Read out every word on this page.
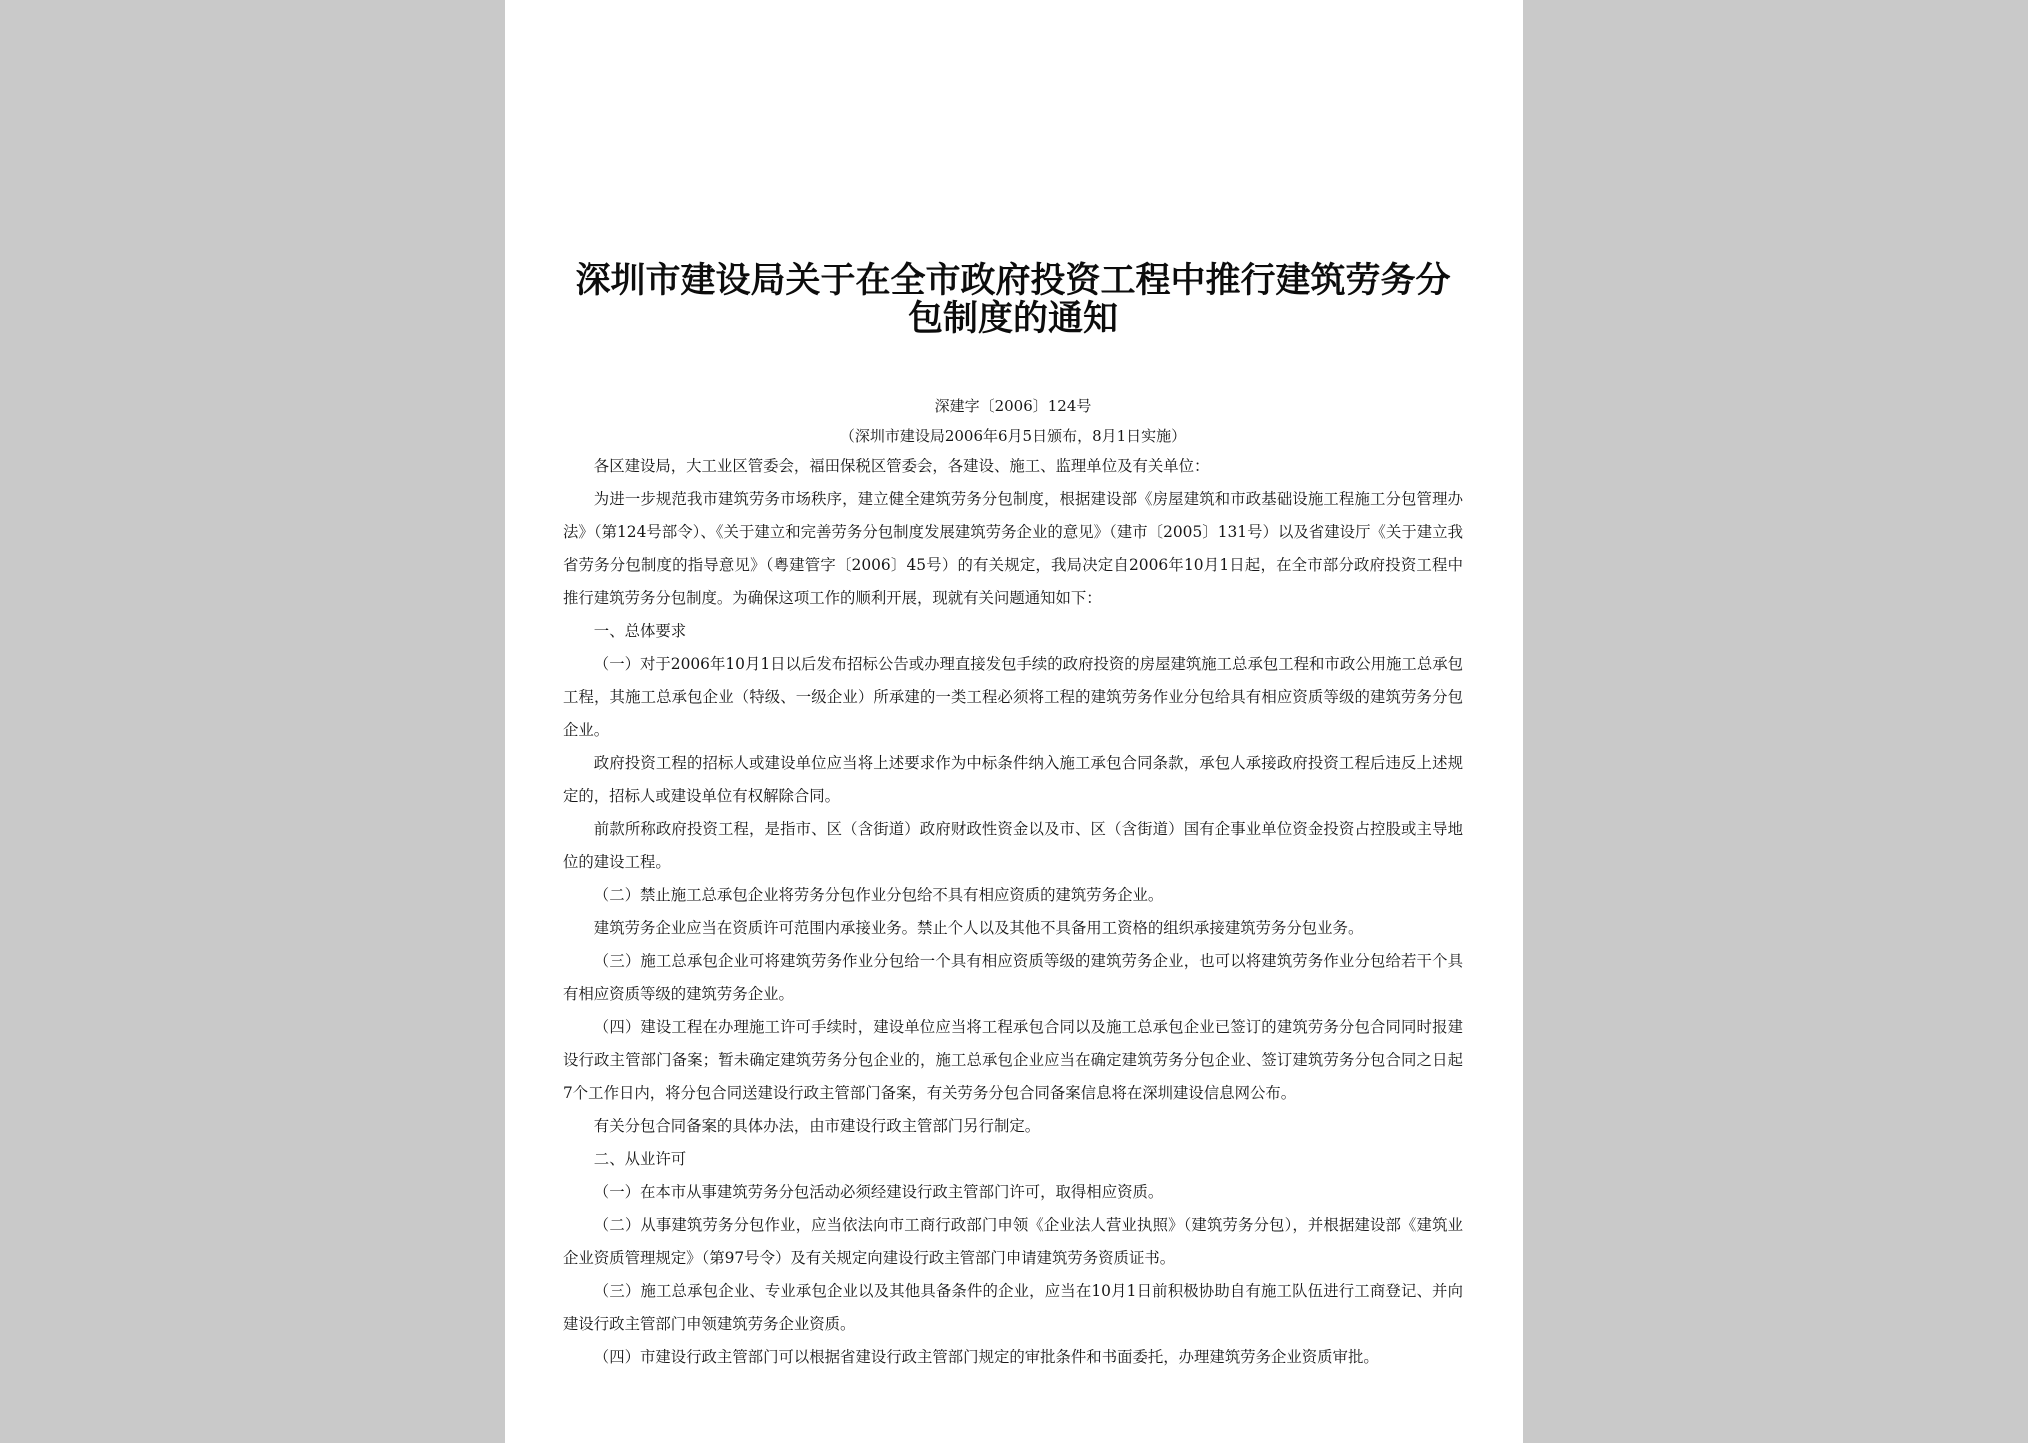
深圳市建设局关于在全市政府投资工程中推行建筑劳务分包制度的通知

深建字〔2006〕124号

（深圳市建设局2006年6月5日颁布，8月1日实施）

各区建设局，大工业区管委会，福田保税区管委会，各建设、施工、监理单位及有关单位：

为进一步规范我市建筑劳务市场秩序，建立健全建筑劳务分包制度，根据建设部《房屋建筑和市政基础设施工程施工分包管理办法》（第124号部令）、《关于建立和完善劳务分包制度发展建筑劳务企业的意见》（建市〔2005〕131号）以及省建设厅《关于建立我省劳务分包制度的指导意见》（粤建管字〔2006〕45号）的有关规定，我局决定自2006年10月1日起，在全市部分政府投资工程中推行建筑劳务分包制度。为确保这项工作的顺利开展，现就有关问题通知如下：

一、总体要求

（一）对于2006年10月1日以后发布招标公告或办理直接发包手续的政府投资的房屋建筑施工总承包工程和市政公用施工总承包工程，其施工总承包企业（特级、一级企业）所承建的一类工程必须将工程的建筑劳务作业分包给具有相应资质等级的建筑劳务分包企业。

政府投资工程的招标人或建设单位应当将上述要求作为中标条件纳入施工承包合同条款，承包人承接政府投资工程后违反上述规定的，招标人或建设单位有权解除合同。

前款所称政府投资工程，是指市、区（含街道）政府财政性资金以及市、区（含街道）国有企事业单位资金投资占控股或主导地位的建设工程。

（二）禁止施工总承包企业将劳务分包作业分包给不具有相应资质的建筑劳务企业。

建筑劳务企业应当在资质许可范围内承接业务。禁止个人以及其他不具备用工资格的组织承接建筑劳务分包业务。

（三）施工总承包企业可将建筑劳务作业分包给一个具有相应资质等级的建筑劳务企业，也可以将建筑劳务作业分包给若干个具有相应资质等级的建筑劳务企业。

（四）建设工程在办理施工许可手续时，建设单位应当将工程承包合同以及施工总承包企业已签订的建筑劳务分包合同同时报建设行政主管部门备案；暂未确定建筑劳务分包企业的，施工总承包企业应当在确定建筑劳务分包企业、签订建筑劳务分包合同之日起7个工作日内，将分包合同送建设行政主管部门备案，有关劳务分包合同备案信息将在深圳建设信息网公布。

有关分包合同备案的具体办法，由市建设行政主管部门另行制定。

二、从业许可

（一）在本市从事建筑劳务分包活动必须经建设行政主管部门许可，取得相应资质。

（二）从事建筑劳务分包作业，应当依法向市工商行政部门申领《企业法人营业执照》（建筑劳务分包），并根据建设部《建筑业企业资质管理规定》（第97号令）及有关规定向建设行政主管部门申请建筑劳务资质证书。

（三）施工总承包企业、专业承包企业以及其他具备条件的企业，应当在10月1日前积极协助自有施工队伍进行工商登记、并向建设行政主管部门申领建筑劳务企业资质。

（四）市建设行政主管部门可以根据省建设行政主管部门规定的审批条件和书面委托，办理建筑劳务企业资质审批。
